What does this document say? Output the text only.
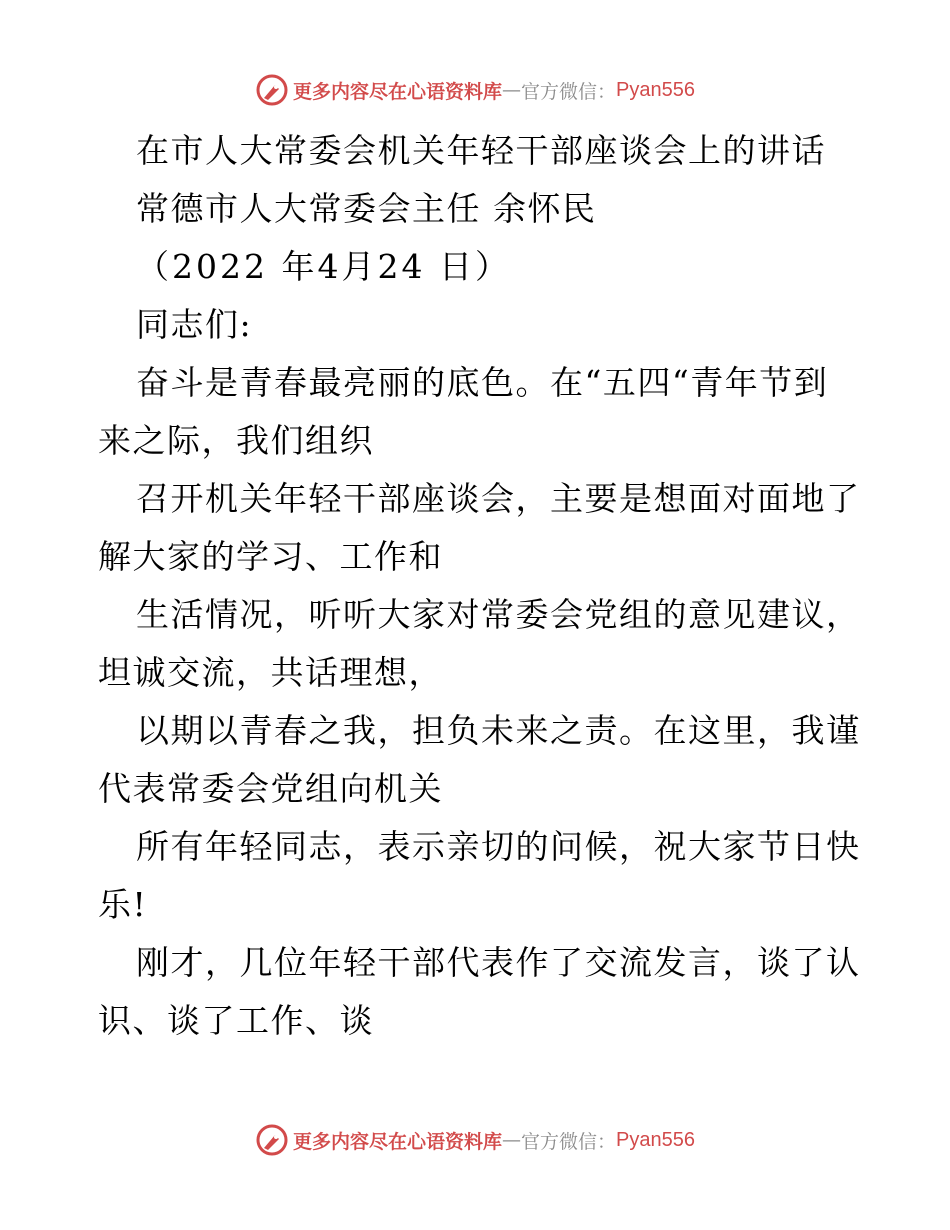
更多内容尽在心语资料库 — 官方微信： Pyan556
在市人大常委会机关年轻干部座谈会上的讲话
常德市人大常委会主任 余怀民
（2022 年4月24 日）
同志们:
奋斗是青春最亮丽的底色。在“五四“青年节到
来之际，我们组织
召开机关年轻干部座谈会，主要是想面对面地了
解大家的学习、工作和
生活情况，听听大家对常委会党组的意见建议，
坦诚交流，共话理想，
以期以青春之我，担负未来之责。在这里，我谨
代表常委会党组向机关
所有年轻同志，表示亲切的问候，祝大家节日快
乐!
刚才，几位年轻干部代表作了交流发言，谈了认
识、谈了工作、谈
更多内容尽在心语资料库 — 官方微信： Pyan556
